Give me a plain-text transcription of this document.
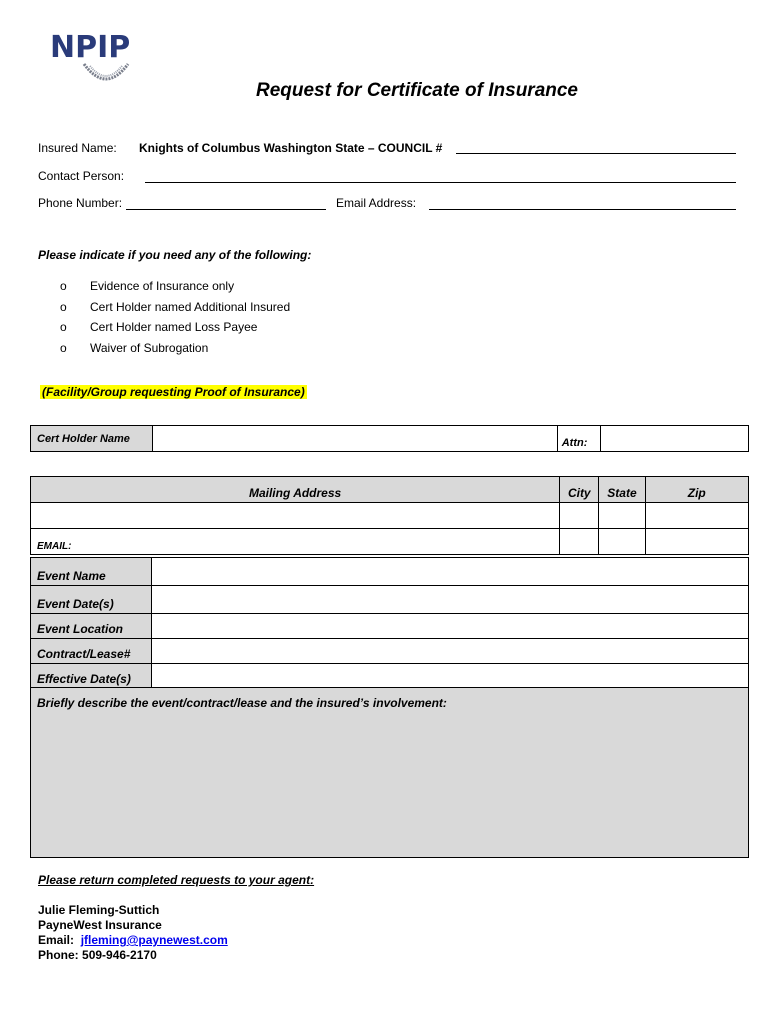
NPIP
Request for Certificate of Insurance
Insured Name: Knights of Columbus Washington State – COUNCIL #
Contact Person:
Phone Number:	Email Address:
Please indicate if you need any of the following:
o	Evidence of Insurance only
o	Cert Holder named Additional Insured
o	Cert Holder named Loss Payee
o	Waiver of Subrogation
(Facility/Group requesting Proof of Insurance)
Cert Holder Name		Attn:	
Mailing Address	City	State	Zip

EMAIL:			
Event Name	
Event Date(s)	
Event Location	
Contract/Lease#	
Effective Date(s)	
Briefly describe the event/contract/lease and the insured’s involvement:	
Please return completed requests to your agent:
Julie Fleming-Suttich
PayneWest Insurance
Email: jfleming@paynewest.com
Phone: 509-946-2170
